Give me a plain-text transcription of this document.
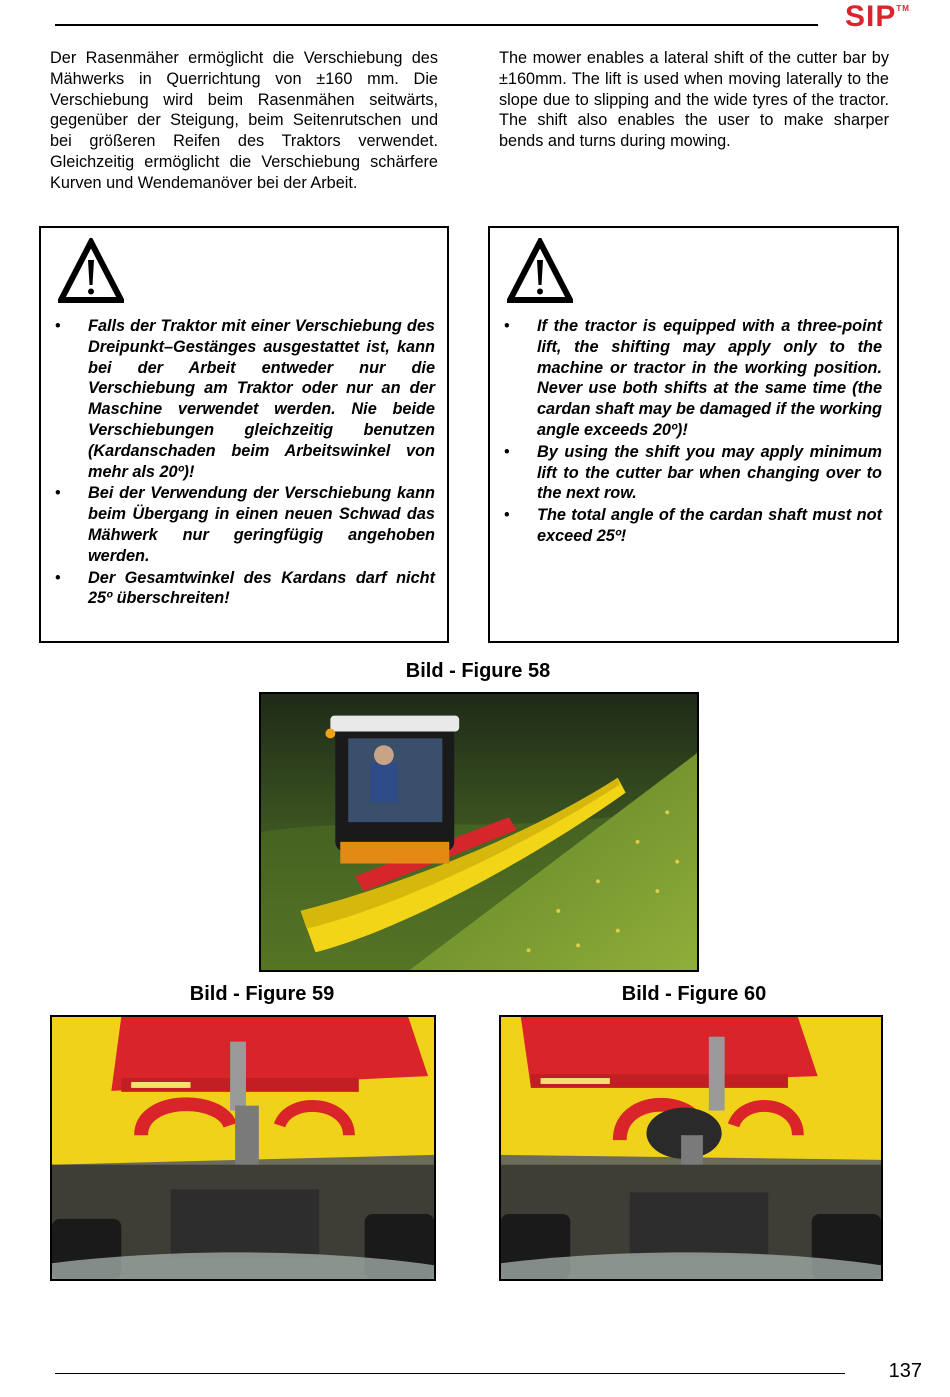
SIP™
Der Rasenmäher ermöglicht die Verschiebung des Mähwerks in Querrichtung von ±160 mm. Die Verschiebung wird beim Rasenmähen seitwärts, gegenüber der Steigung, beim Seitenrutschen und bei größeren Reifen des Traktors verwendet. Gleichzeitig ermöglicht die Verschiebung schärfere Kurven und Wendemanöver bei der Arbeit.
The mower enables a lateral shift of the cutter bar by ±160mm. The lift is used when moving laterally to the slope due to slipping and the wide tyres of the tractor. The shift also enables the user to make sharper bends and turns during mowing.
• Falls der Traktor mit einer Verschiebung des Dreipunkt–Gestänges ausgestattet ist, kann bei der Arbeit entweder nur die Verschiebung am Traktor oder nur an der Maschine verwendet werden. Nie beide Verschiebungen gleichzeitig benutzen (Kardanschaden beim Arbeitswinkel von mehr als 20º)!
• Bei der Verwendung der Verschiebung kann beim Übergang in einen neuen Schwad das Mähwerk nur geringfügig angehoben werden.
• Der Gesamtwinkel des Kardans darf nicht 25º überschreiten!
• If the tractor is equipped with a three-point lift, the shifting may apply only to the machine or tractor in the working position. Never use both shifts at the same time (the cardan shaft may be damaged if the working angle exceeds 20º)!
• By using the shift you may apply minimum lift to the cutter bar when changing over to the next row.
• The total angle of the cardan shaft must not exceed 25º!
Bild - Figure 58
Bild - Figure 59	Bild - Figure 60
137
